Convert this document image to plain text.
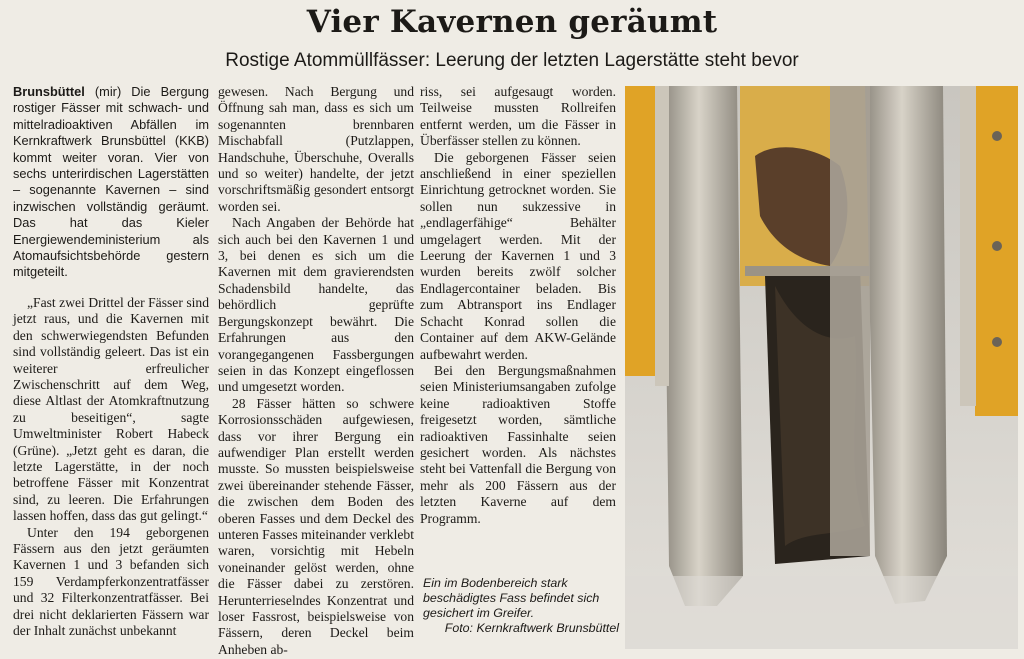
Vier Kavernen geräumt
Rostige Atommüllfässer: Leerung der letzten Lagerstätte steht bevor

Brunsbüttel (mir) Die Bergung rostiger Fässer mit schwach- und mittelradioaktiven Abfällen im Kernkraftwerk Brunsbüttel (KKB) kommt weiter voran. Vier von sechs unterirdischen Lagerstätten – sogenannte Kavernen – sind inzwischen vollständig geräumt. Das hat das Kieler Energiewendeministerium als Atomaufsichtsbehörde gestern mitgeteilt.

„Fast zwei Drittel der Fässer sind jetzt raus, und die Kavernen mit den schwerwiegendsten Befunden sind vollständig geleert. Das ist ein weiterer erfreulicher Zwischenschritt auf dem Weg, diese Altlast der Atomkraftnutzung zu beseitigen“, sagte Umweltminister Robert Habeck (Grüne). „Jetzt geht es daran, die letzte Lagerstätte, in der noch betroffene Fässer mit Konzentrat sind, zu leeren. Die Erfahrungen lassen hoffen, dass das gut gelingt.“

Unter den 194 geborgenen Fässern aus den jetzt geräumten Kavernen 1 und 3 befanden sich 159 Verdampferkonzentratfässer und 32 Filterkonzentratfässer. Bei drei nicht deklarierten Fässern war der Inhalt zunächst unbekannt

gewesen. Nach Bergung und Öffnung sah man, dass es sich um sogenannten brennbaren Mischabfall (Putzlappen, Handschuhe, Überschuhe, Overalls und so weiter) handelte, der jetzt vorschriftsmäßig gesondert entsorgt worden sei.

Nach Angaben der Behörde hat sich auch bei den Kavernen 1 und 3, bei denen es sich um die Kavernen mit dem gravierendsten Schadensbild handelte, das behördlich geprüfte Bergungskonzept bewährt. Die Erfahrungen aus den vorangegangenen Fassbergungen seien in das Konzept eingeflossen und umgesetzt worden.

28 Fässer hätten so schwere Korrosionsschäden aufgewiesen, dass vor ihrer Bergung ein aufwendiger Plan erstellt werden musste. So mussten beispielsweise zwei übereinander stehende Fässer, die zwischen dem Boden des oberen Fasses und dem Deckel des unteren Fasses miteinander verklebt waren, vorsichtig mit Hebeln voneinander gelöst werden, ohne die Fässer dabei zu zerstören. Herunterrieselndes Konzentrat und loser Fassrost, beispielsweise von Fässern, deren Deckel beim Anheben ab-

riss, sei aufgesaugt worden. Teilweise mussten Rollreifen entfernt werden, um die Fässer in Überfässer stellen zu können.

Die geborgenen Fässer seien anschließend in einer speziellen Einrichtung getrocknet worden. Sie sollen nun sukzessive in „endlagerfähige“ Behälter umgelagert werden. Mit der Leerung der Kavernen 1 und 3 wurden bereits zwölf solcher Endlagercontainer beladen. Bis zum Abtransport ins Endlager Schacht Konrad sollen die Container auf dem AKW-Gelände aufbewahrt werden.

Bei den Bergungsmaßnahmen seien Ministeriumsangaben zufolge keine radioaktiven Stoffe freigesetzt worden, sämtliche radioaktiven Fassinhalte seien gesichert worden. Als nächstes steht bei Vattenfall die Bergung von mehr als 200 Fässern aus der letzten Kaverne auf dem Programm.

Ein im Bodenbereich stark beschädigtes Fass befindet sich gesichert im Greifer.
Foto: Kernkraftwerk Brunsbüttel
